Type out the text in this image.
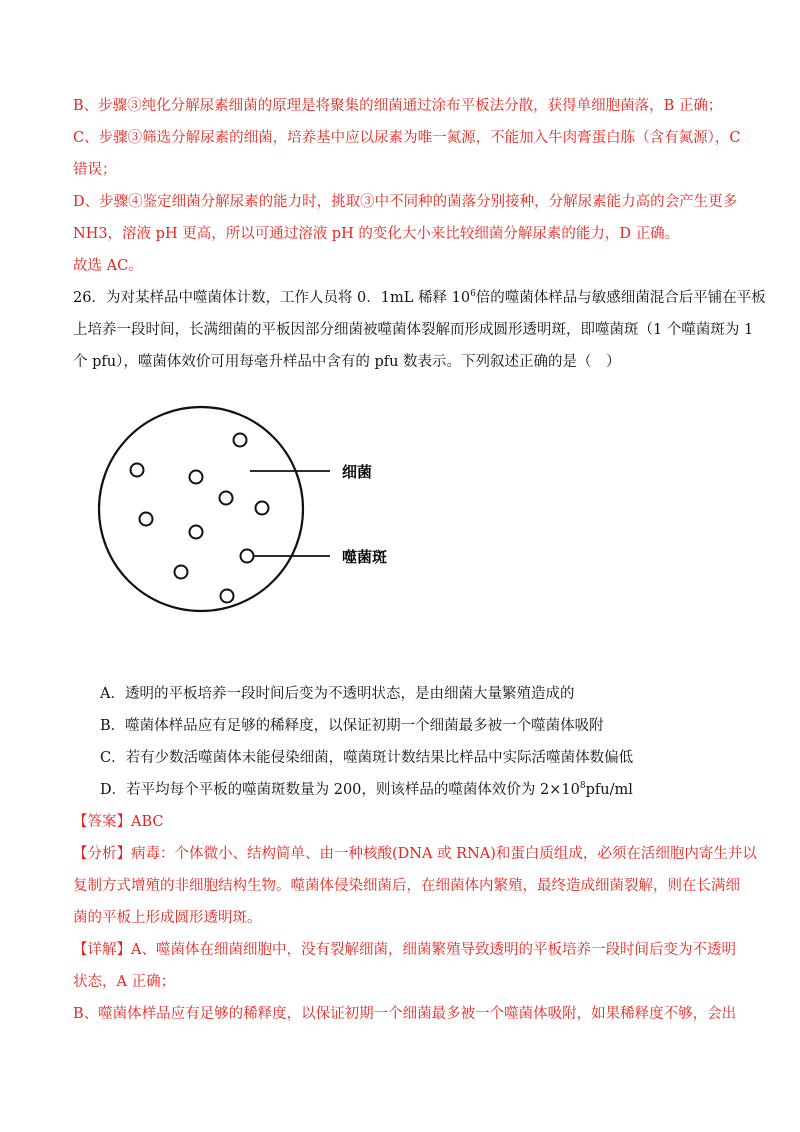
B、步骤③纯化分解尿素细菌的原理是将聚集的细菌通过涂布平板法分散，获得单细胞菌落，B 正确；
C、步骤③筛选分解尿素的细菌，培养基中应以尿素为唯一氮源，不能加入牛肉膏蛋白胨（含有氮源），C
错误；
D、步骤④鉴定细菌分解尿素的能力时，挑取③中不同种的菌落分别接种，分解尿素能力高的会产生更多
NH3，溶液 pH 更高，所以可通过溶液 pH 的变化大小来比较细菌分解尿素的能力，D 正确。
故选 AC。
26．为对某样品中噬菌体计数，工作人员将 0．1mL 稀释 $10^6$倍的噬菌体样品与敏感细菌混合后平铺在平板
上培养一段时间，长满细菌的平板因部分细菌被噬菌体裂解而形成圆形透明斑，即噬菌斑（1 个噬菌斑为 1
个 pfu），噬菌体效价可用每毫升样品中含有的 pfu 数表示。下列叙述正确的是（　）
细菌
噬菌斑
A．透明的平板培养一段时间后变为不透明状态，是由细菌大量繁殖造成的
B．噬菌体样品应有足够的稀释度，以保证初期一个细菌最多被一个噬菌体吸附
C．若有少数活噬菌体未能侵染细菌，噬菌斑计数结果比样品中实际活噬菌体数偏低
D．若平均每个平板的噬菌斑数量为 200，则该样品的噬菌体效价为 $2\times 10^8pfu/ml$
【答案】ABC
【分析】病毒：个体微小、结构简单、由一种核酸(DNA 或 RNA)和蛋白质组成，必须在活细胞内寄生并以
复制方式增殖的非细胞结构生物。噬菌体侵染细菌后，在细菌体内繁殖，最终造成细菌裂解，则在长满细
菌的平板上形成圆形透明斑。
【详解】A、噬菌体在细菌细胞中，没有裂解细菌，细菌繁殖导致透明的平板培养一段时间后变为不透明
状态，A 正确；
B、噬菌体样品应有足够的稀释度，以保证初期一个细菌最多被一个噬菌体吸附，如果稀释度不够，会出
